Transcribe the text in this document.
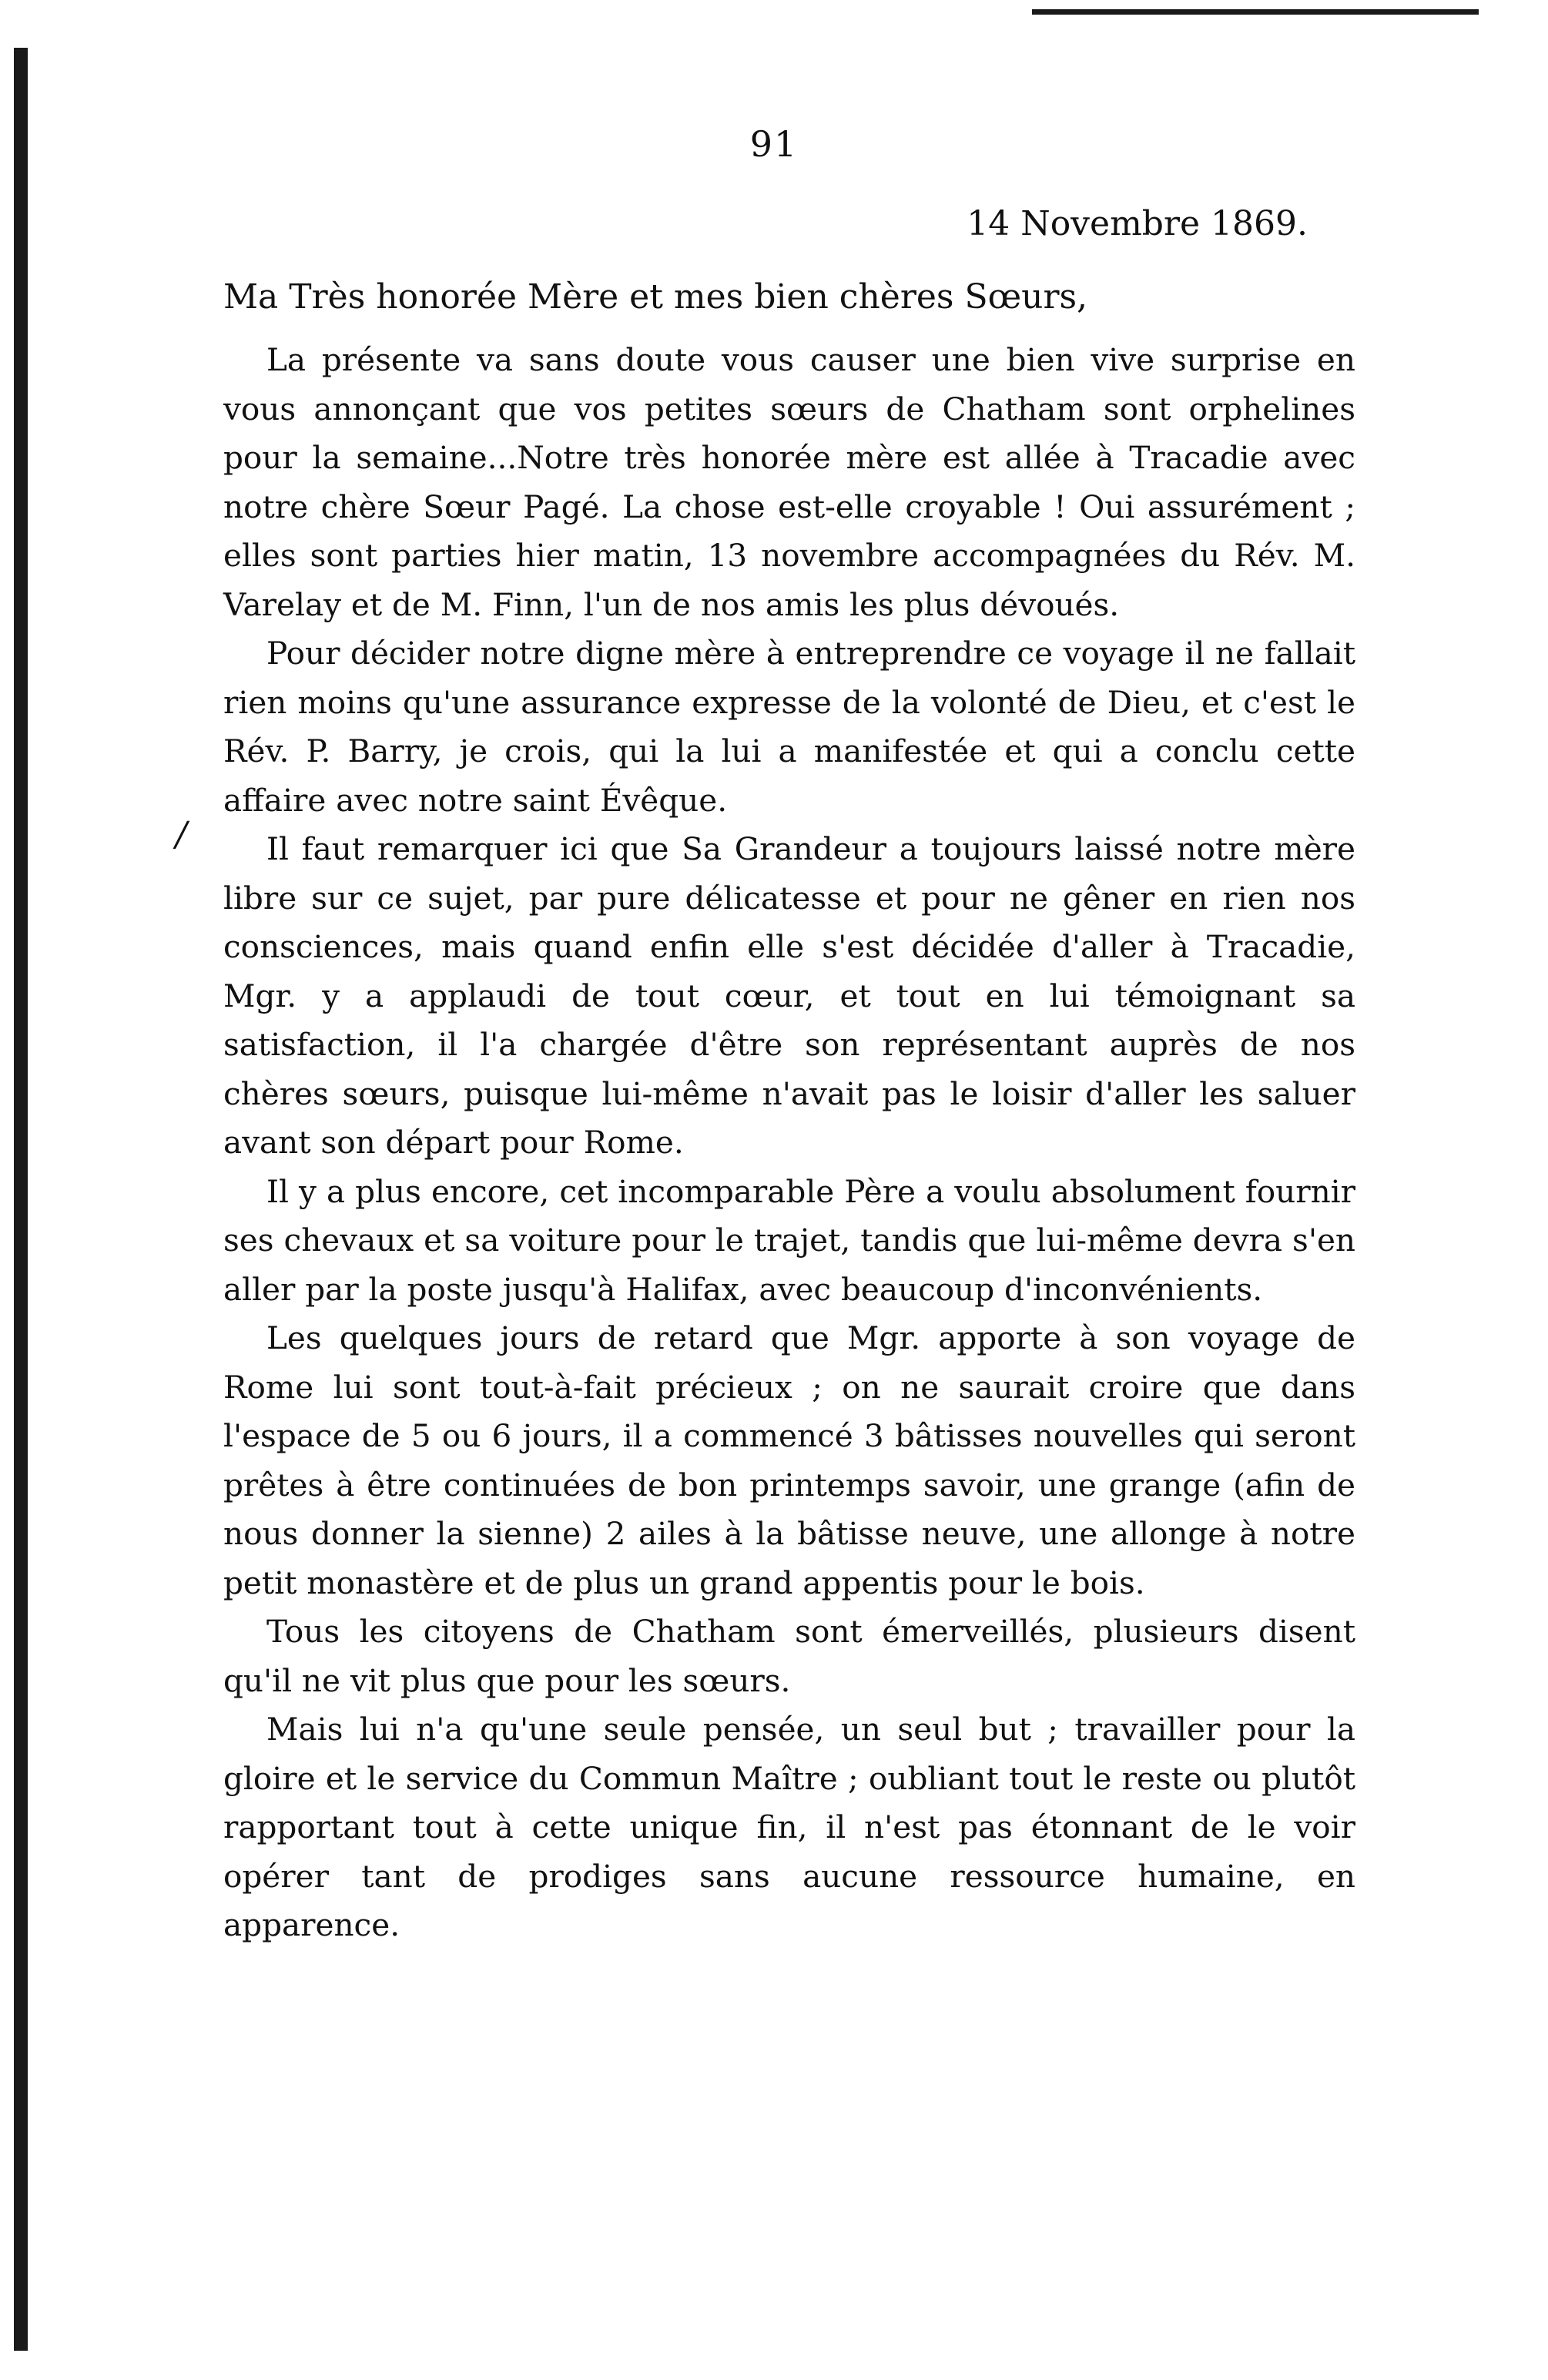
91
14 Novembre 1869.
Ma Très honorée Mère et mes bien chères Sœurs,
/

La présente va sans doute vous causer une bien vive surprise en vous annonçant que vos petites sœurs de Chatham sont orphelines pour la semaine...Notre très honorée mère est allée à Tracadie avec notre chère Sœur Pagé. La chose est-elle croyable ! Oui assurément ; elles sont parties hier matin, 13 novembre accompagnées du Rév. M. Varelay et de M. Finn, l'un de nos amis les plus dévoués.

Pour décider notre digne mère à entreprendre ce voyage il ne fallait rien moins qu'une assurance expresse de la volonté de Dieu, et c'est le Rév. P. Barry, je crois, qui la lui a manifestée et qui a conclu cette affaire avec notre saint Évêque.

Il faut remarquer ici que Sa Grandeur a toujours laissé notre mère libre sur ce sujet, par pure délicatesse et pour ne gêner en rien nos consciences, mais quand enfin elle s'est décidée d'aller à Tracadie, Mgr. y a applaudi de tout cœur, et tout en lui témoignant sa satisfaction, il l'a chargée d'être son représentant auprès de nos chères sœurs, puisque lui-même n'avait pas le loisir d'aller les saluer avant son départ pour Rome.

Il y a plus encore, cet incomparable Père a voulu absolument fournir ses chevaux et sa voiture pour le trajet, tandis que lui-même devra s'en aller par la poste jusqu'à Halifax, avec beaucoup d'inconvénients.

Les quelques jours de retard que Mgr. apporte à son voyage de Rome lui sont tout-à-fait précieux ; on ne saurait croire que dans l'espace de 5 ou 6 jours, il a commencé 3 bâtisses nouvelles qui seront prêtes à être continuées de bon printemps savoir, une grange (afin de nous donner la sienne) 2 ailes à la bâtisse neuve, une allonge à notre petit monastère et de plus un grand appentis pour le bois.

Tous les citoyens de Chatham sont émerveillés, plusieurs disent qu'il ne vit plus que pour les sœurs.

Mais lui n'a qu'une seule pensée, un seul but ; travailler pour la gloire et le service du Commun Maître ; oubliant tout le reste ou plutôt rapportant tout à cette unique fin, il n'est pas étonnant de le voir opérer tant de prodiges sans aucune ressource humaine, en apparence.
